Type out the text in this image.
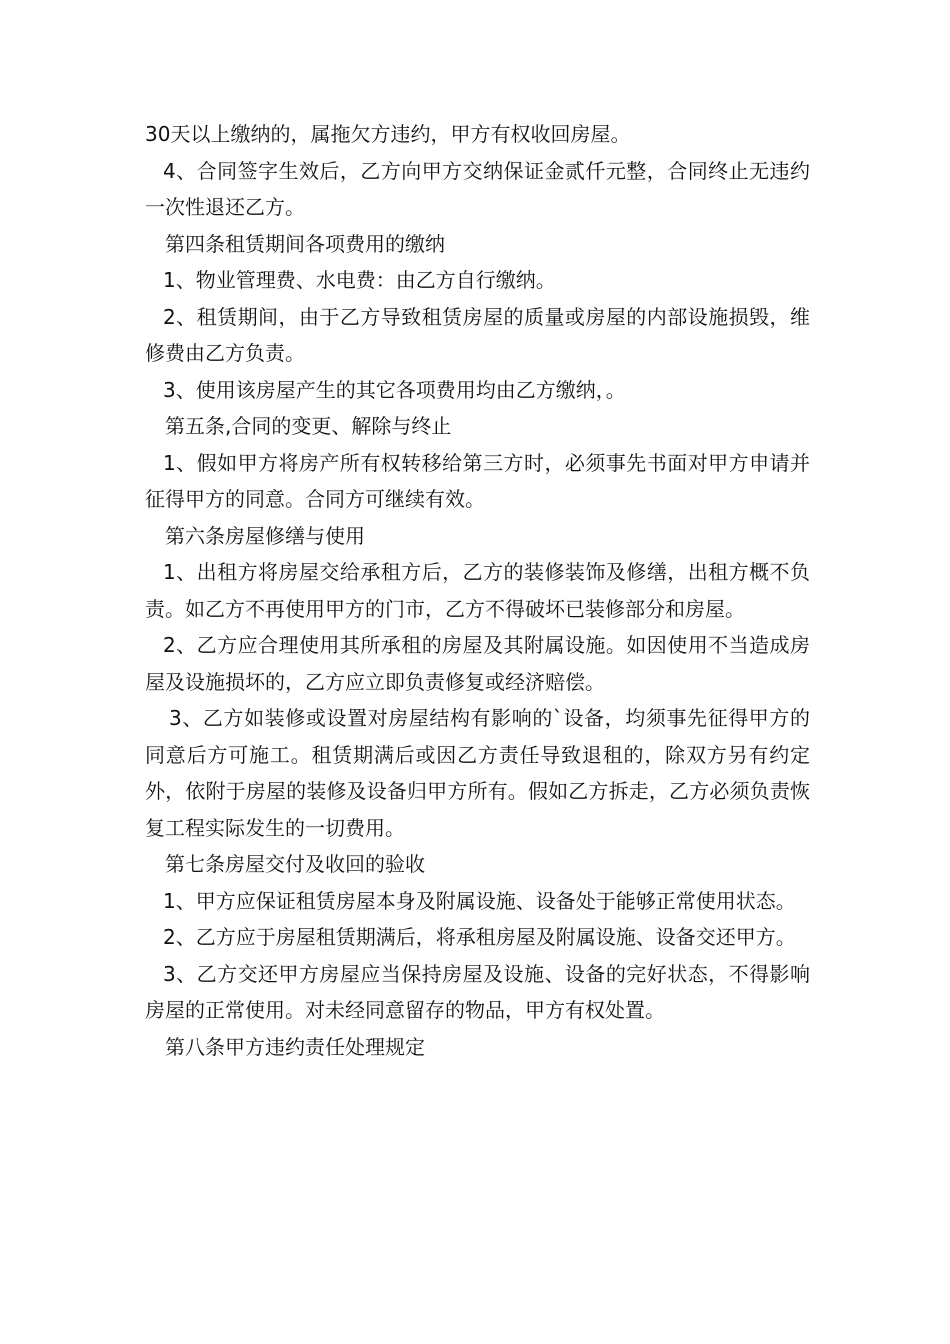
30天以上缴纳的，属拖欠方违约，甲方有权收回房屋。

4、合同签字生效后，乙方向甲方交纳保证金贰仟元整，合同终止无违约一次性退还乙方。

第四条租赁期间各项费用的缴纳

1、物业管理费、水电费：由乙方自行缴纳。

2、租赁期间，由于乙方导致租赁房屋的质量或房屋的内部设施损毁，维修费由乙方负责。

3、使用该房屋产生的其它各项费用均由乙方缴纳，。

第五条,合同的变更、解除与终止

1、假如甲方将房产所有权转移给第三方时，必须事先书面对甲方申请并征得甲方的同意。合同方可继续有效。

第六条房屋修缮与使用

1、出租方将房屋交给承租方后，乙方的装修装饰及修缮，出租方概不负责。如乙方不再使用甲方的门市，乙方不得破坏已装修部分和房屋。

2、乙方应合理使用其所承租的房屋及其附属设施。如因使用不当造成房屋及设施损坏的，乙方应立即负责修复或经济赔偿。

3、乙方如装修或设置对房屋结构有影响的`设备，均须事先征得甲方的同意后方可施工。租赁期满后或因乙方责任导致退租的，除双方另有约定外，依附于房屋的装修及设备归甲方所有。假如乙方拆走，乙方必须负责恢复工程实际发生的一切费用。

第七条房屋交付及收回的验收

1、甲方应保证租赁房屋本身及附属设施、设备处于能够正常使用状态。

2、乙方应于房屋租赁期满后，将承租房屋及附属设施、设备交还甲方。

3、乙方交还甲方房屋应当保持房屋及设施、设备的完好状态，不得影响房屋的正常使用。对未经同意留存的物品，甲方有权处置。

第八条甲方违约责任处理规定
